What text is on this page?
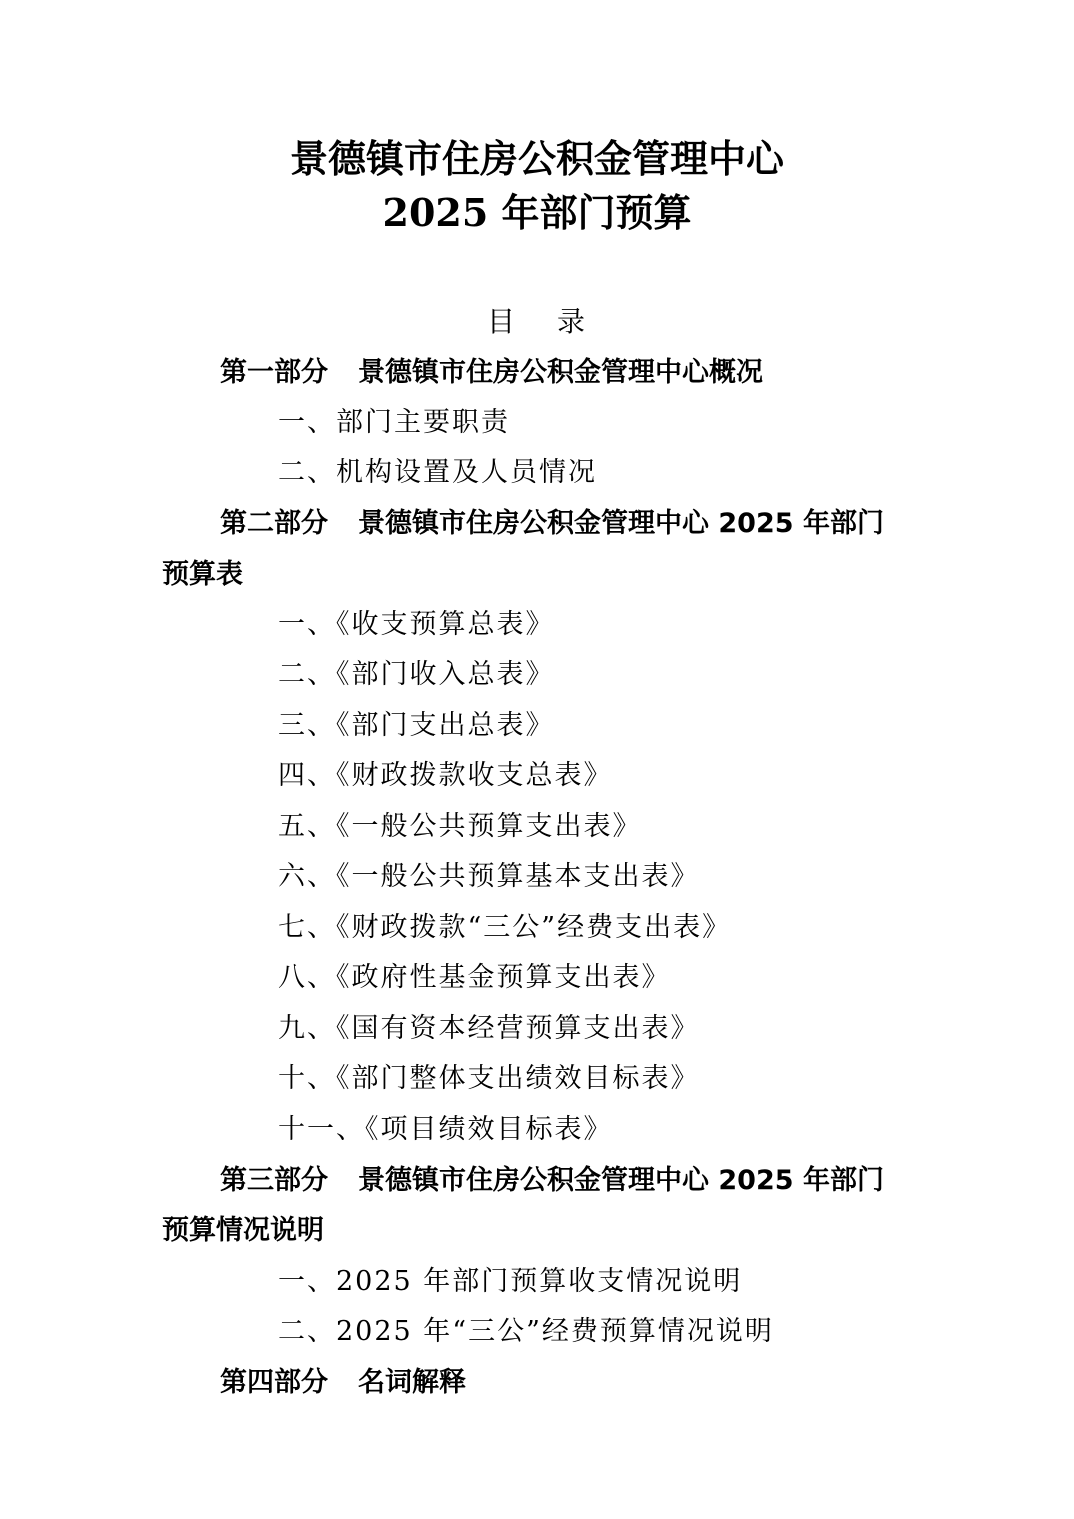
景德镇市住房公积金管理中心
2025 年部门预算
目 录
第一部分 景德镇市住房公积金管理中心概况
一、部门主要职责
二、机构设置及人员情况
第二部分 景德镇市住房公积金管理中心 2025 年部门
预算表
一、《收支预算总表》
二、《部门收入总表》
三、《部门支出总表》
四、《财政拨款收支总表》
五、《一般公共预算支出表》
六、《一般公共预算基本支出表》
七、《财政拨款“三公”经费支出表》
八、《政府性基金预算支出表》
九、《国有资本经营预算支出表》
十、《部门整体支出绩效目标表》
十一、《项目绩效目标表》
第三部分 景德镇市住房公积金管理中心 2025 年部门
预算情况说明
一、2025 年部门预算收支情况说明
二、2025 年“三公”经费预算情况说明
第四部分 名词解释
